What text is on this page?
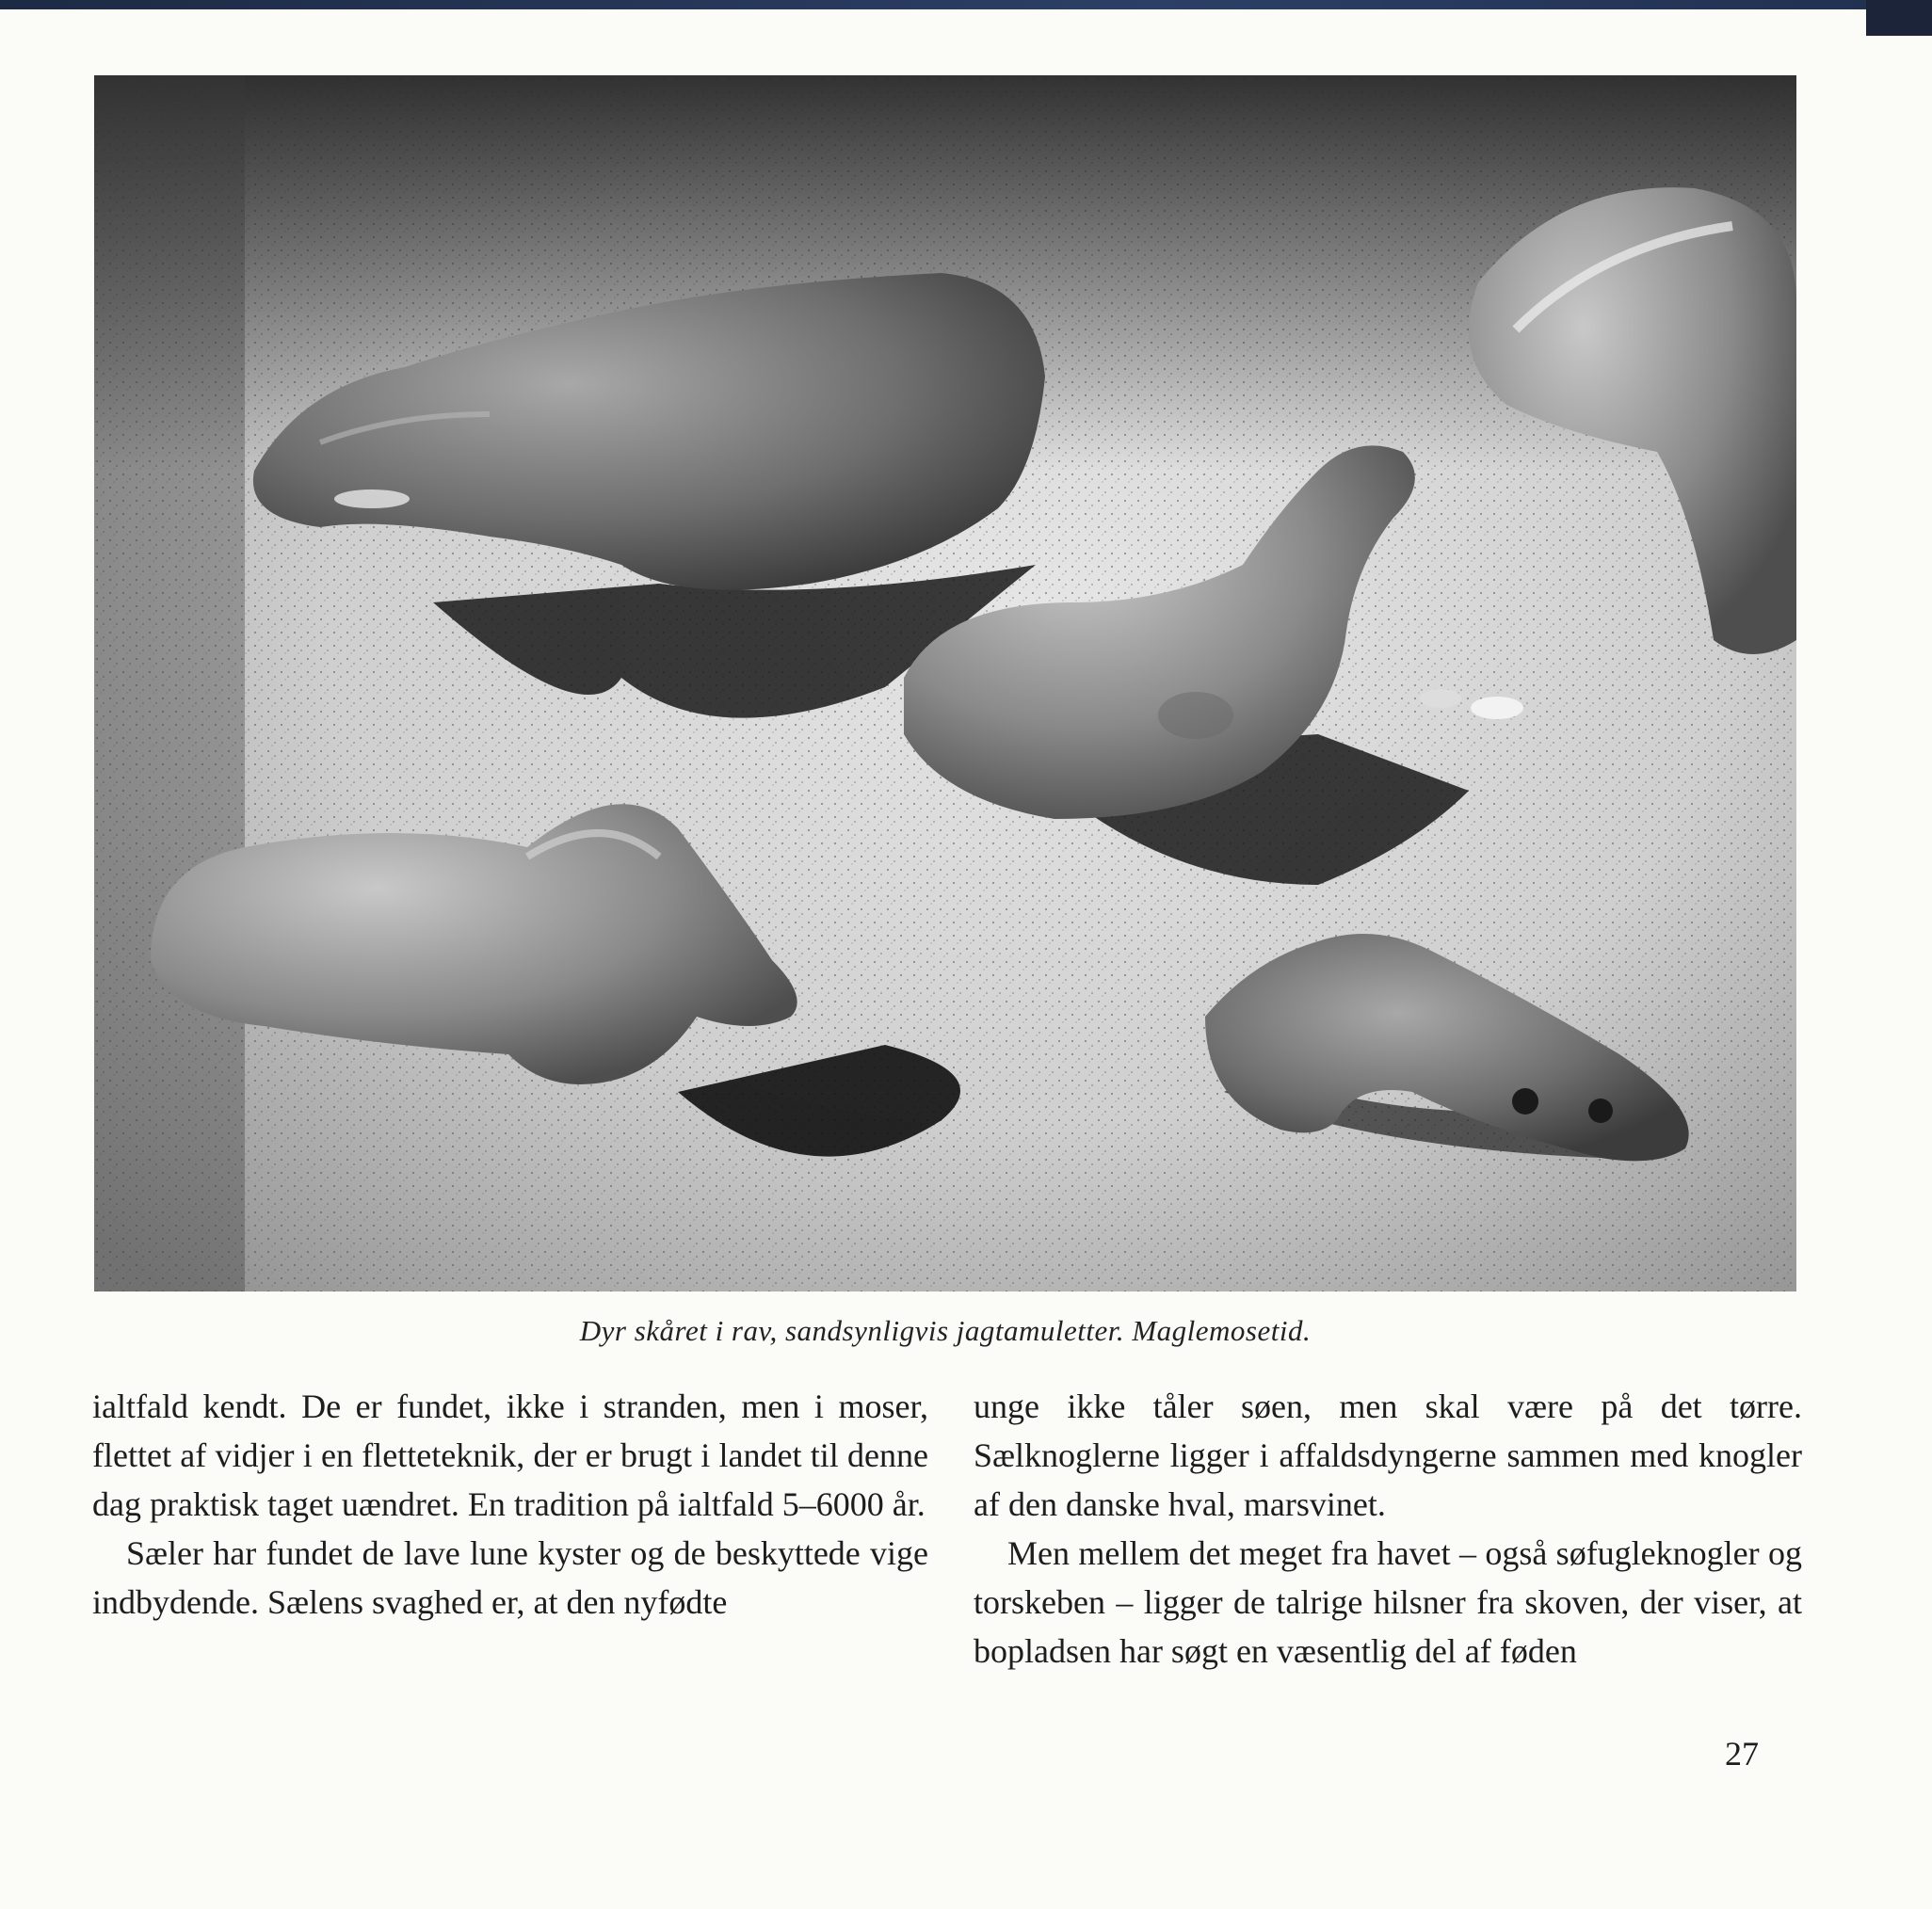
Dyr skåret i rav, sandsynligvis jagtamuletter. Maglemosetid.

ialtfald kendt. De er fundet, ikke i stranden, men i moser, flettet af vidjer i en fletteteknik, der er brugt i landet til denne dag praktisk taget uændret. En tradition på ialtfald 5–6000 år.

Sæler har fundet de lave lune kyster og de beskyttede vige indbydende. Sælens svaghed er, at den nyfødte

unge ikke tåler søen, men skal være på det tørre. Sælknoglerne ligger i affaldsdyngerne sammen med knogler af den danske hval, marsvinet.

Men mellem det meget fra havet – også søfugleknogler og torskeben – ligger de talrige hilsner fra skoven, der viser, at bopladsen har søgt en væsentlig del af føden

27
